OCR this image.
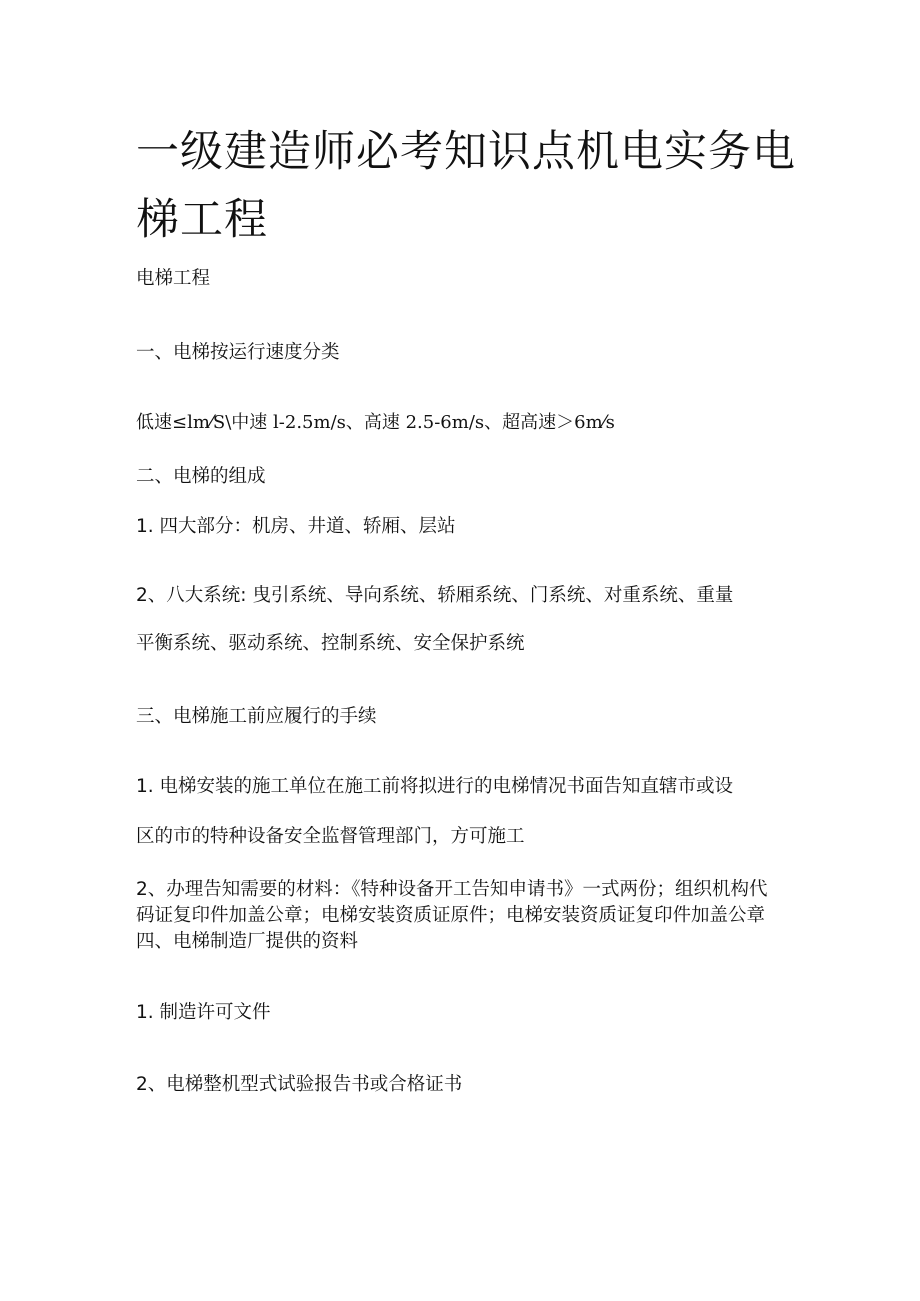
一级建造师必考知识点机电实务电梯工程

电梯工程

一、电梯按运行速度分类

低速≤lm⁄S\中速 l-2.5m/s、高速 2.5-6m/s、超高速＞6m⁄s

二、电梯的组成

1. 四大部分：机房、井道、轿厢、层站

2、八大系统: 曳引系统、导向系统、轿厢系统、门系统、对重系统、重量

平衡系统、驱动系统、控制系统、安全保护系统

三、电梯施工前应履行的手续

1. 电梯安装的施工单位在施工前将拟进行的电梯情况书面告知直辖市或设

区的市的特种设备安全监督管理部门，方可施工

2、办理告知需要的材料：《特种设备开工告知申请书》一式两份；组织机构代码证复印件加盖公章；电梯安装资质证原件；电梯安装资质证复印件加盖公章四、电梯制造厂提供的资料

1. 制造许可文件

2、电梯整机型式试验报告书或合格证书
